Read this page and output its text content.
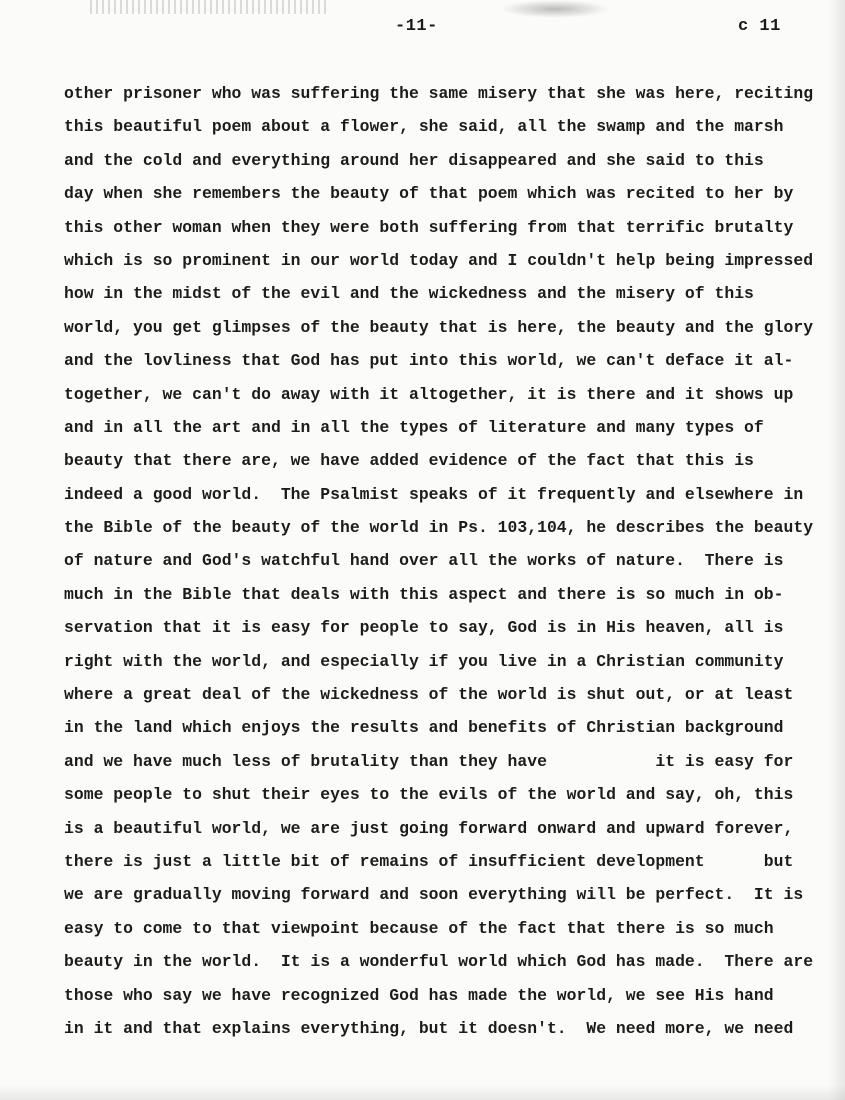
-11-	c 11
other prisoner who was suffering the same misery that she was here, reciting
this beautiful poem about a flower, she said, all the swamp and the marsh
and the cold and everything around her disappeared and she said to this
day when she remembers the beauty of that poem which was recited to her by
this other woman when they were both suffering from that terrific brutalty
which is so prominent in our world today and I couldn't help being impressed
how in the midst of the evil and the wickedness and the misery of this
world, you get glimpses of the beauty that is here, the beauty and the glory
and the lovliness that God has put into this world, we can't deface it al-
together, we can't do away with it altogether, it is there and it shows up
and in all the art and in all the types of literature and many types of
beauty that there are, we have added evidence of the fact that this is
indeed a good world.  The Psalmist speaks of it frequently and elsewhere in
the Bible of the beauty of the world in Ps. 103,104, he describes the beauty
of nature and God's watchful hand over all the works of nature.  There is
much in the Bible that deals with this aspect and there is so much in ob-
servation that it is easy for people to say, God is in His heaven, all is
right with the world, and especially if you live in a Christian community
where a great deal of the wickedness of the world is shut out, or at least
in the land which enjoys the results and benefits of Christian background
and we have much less of brutality than they have           it is easy for
some people to shut their eyes to the evils of the world and say, oh, this
is a beautiful world, we are just going forward onward and upward forever,
there is just a little bit of remains of insufficient development      but
we are gradually moving forward and soon everything will be perfect.  It is
easy to come to that viewpoint because of the fact that there is so much
beauty in the world.  It is a wonderful world which God has made.  There are
those who say we have recognized God has made the world, we see His hand
in it and that explains everything, but it doesn't.  We need more, we need
